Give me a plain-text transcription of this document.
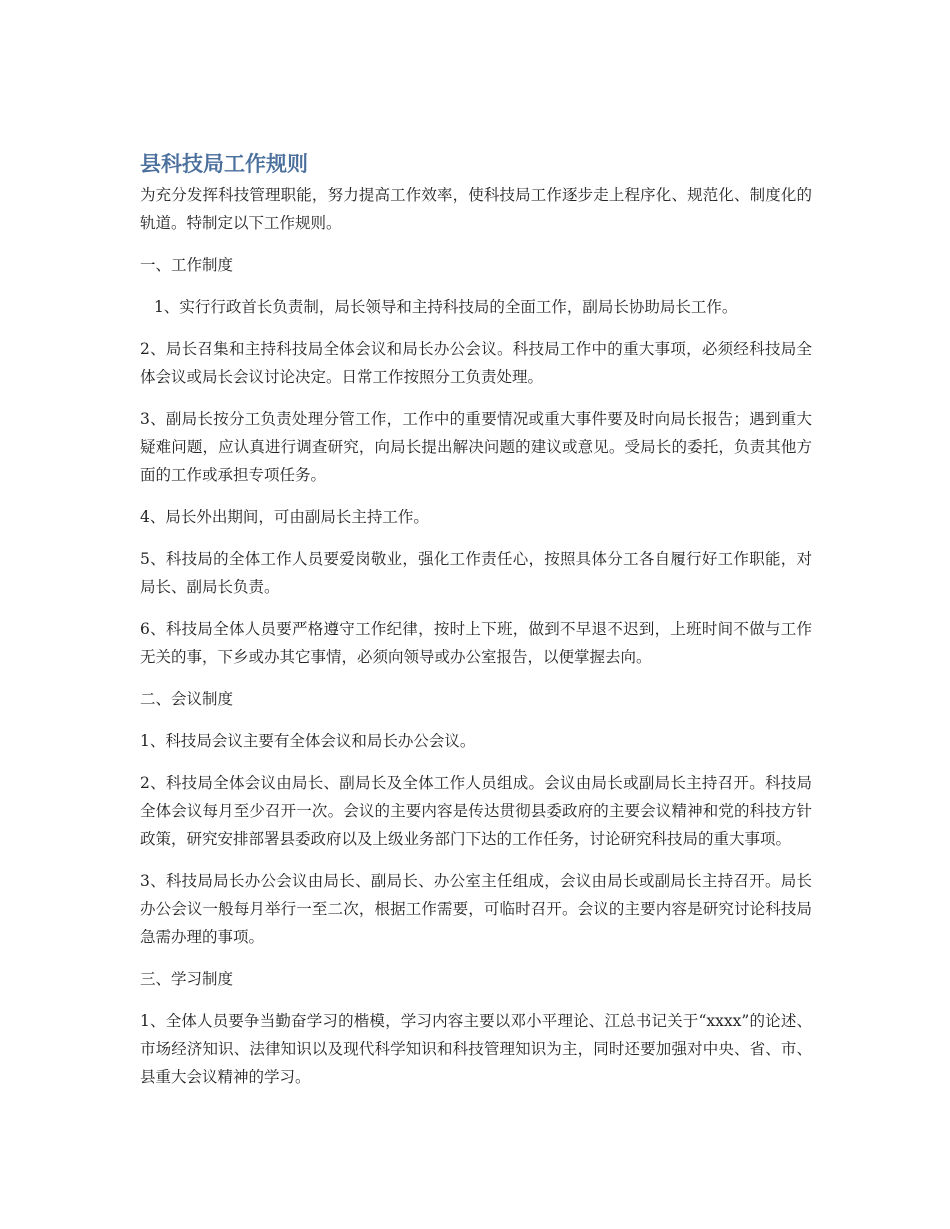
县科技局工作规则

为充分发挥科技管理职能，努力提高工作效率，使科技局工作逐步走上程序化、规范化、制度化的轨道。特制定以下工作规则。

一、工作制度

1、实行行政首长负责制，局长领导和主持科技局的全面工作，副局长协助局长工作。

2、局长召集和主持科技局全体会议和局长办公会议。科技局工作中的重大事项，必须经科技局全体会议或局长会议讨论决定。日常工作按照分工负责处理。

3、副局长按分工负责处理分管工作，工作中的重要情况或重大事件要及时向局长报告；遇到重大疑难问题，应认真进行调查研究，向局长提出解决问题的建议或意见。受局长的委托，负责其他方面的工作或承担专项任务。

4、局长外出期间，可由副局长主持工作。

5、科技局的全体工作人员要爱岗敬业，强化工作责任心，按照具体分工各自履行好工作职能，对局长、副局长负责。

6、科技局全体人员要严格遵守工作纪律，按时上下班，做到不早退不迟到，上班时间不做与工作无关的事，下乡或办其它事情，必须向领导或办公室报告，以便掌握去向。

二、会议制度

1、科技局会议主要有全体会议和局长办公会议。

2、科技局全体会议由局长、副局长及全体工作人员组成。会议由局长或副局长主持召开。科技局全体会议每月至少召开一次。会议的主要内容是传达贯彻县委政府的主要会议精神和党的科技方针政策，研究安排部署县委政府以及上级业务部门下达的工作任务，讨论研究科技局的重大事项。

3、科技局局长办公会议由局长、副局长、办公室主任组成，会议由局长或副局长主持召开。局长办公会议一般每月举行一至二次，根据工作需要，可临时召开。会议的主要内容是研究讨论科技局急需办理的事项。

三、学习制度

1、全体人员要争当勤奋学习的楷模，学习内容主要以邓小平理论、江总书记关于“xxxx”的论述、市场经济知识、法律知识以及现代科学知识和科技管理知识为主，同时还要加强对中央、省、市、县重大会议精神的学习。
